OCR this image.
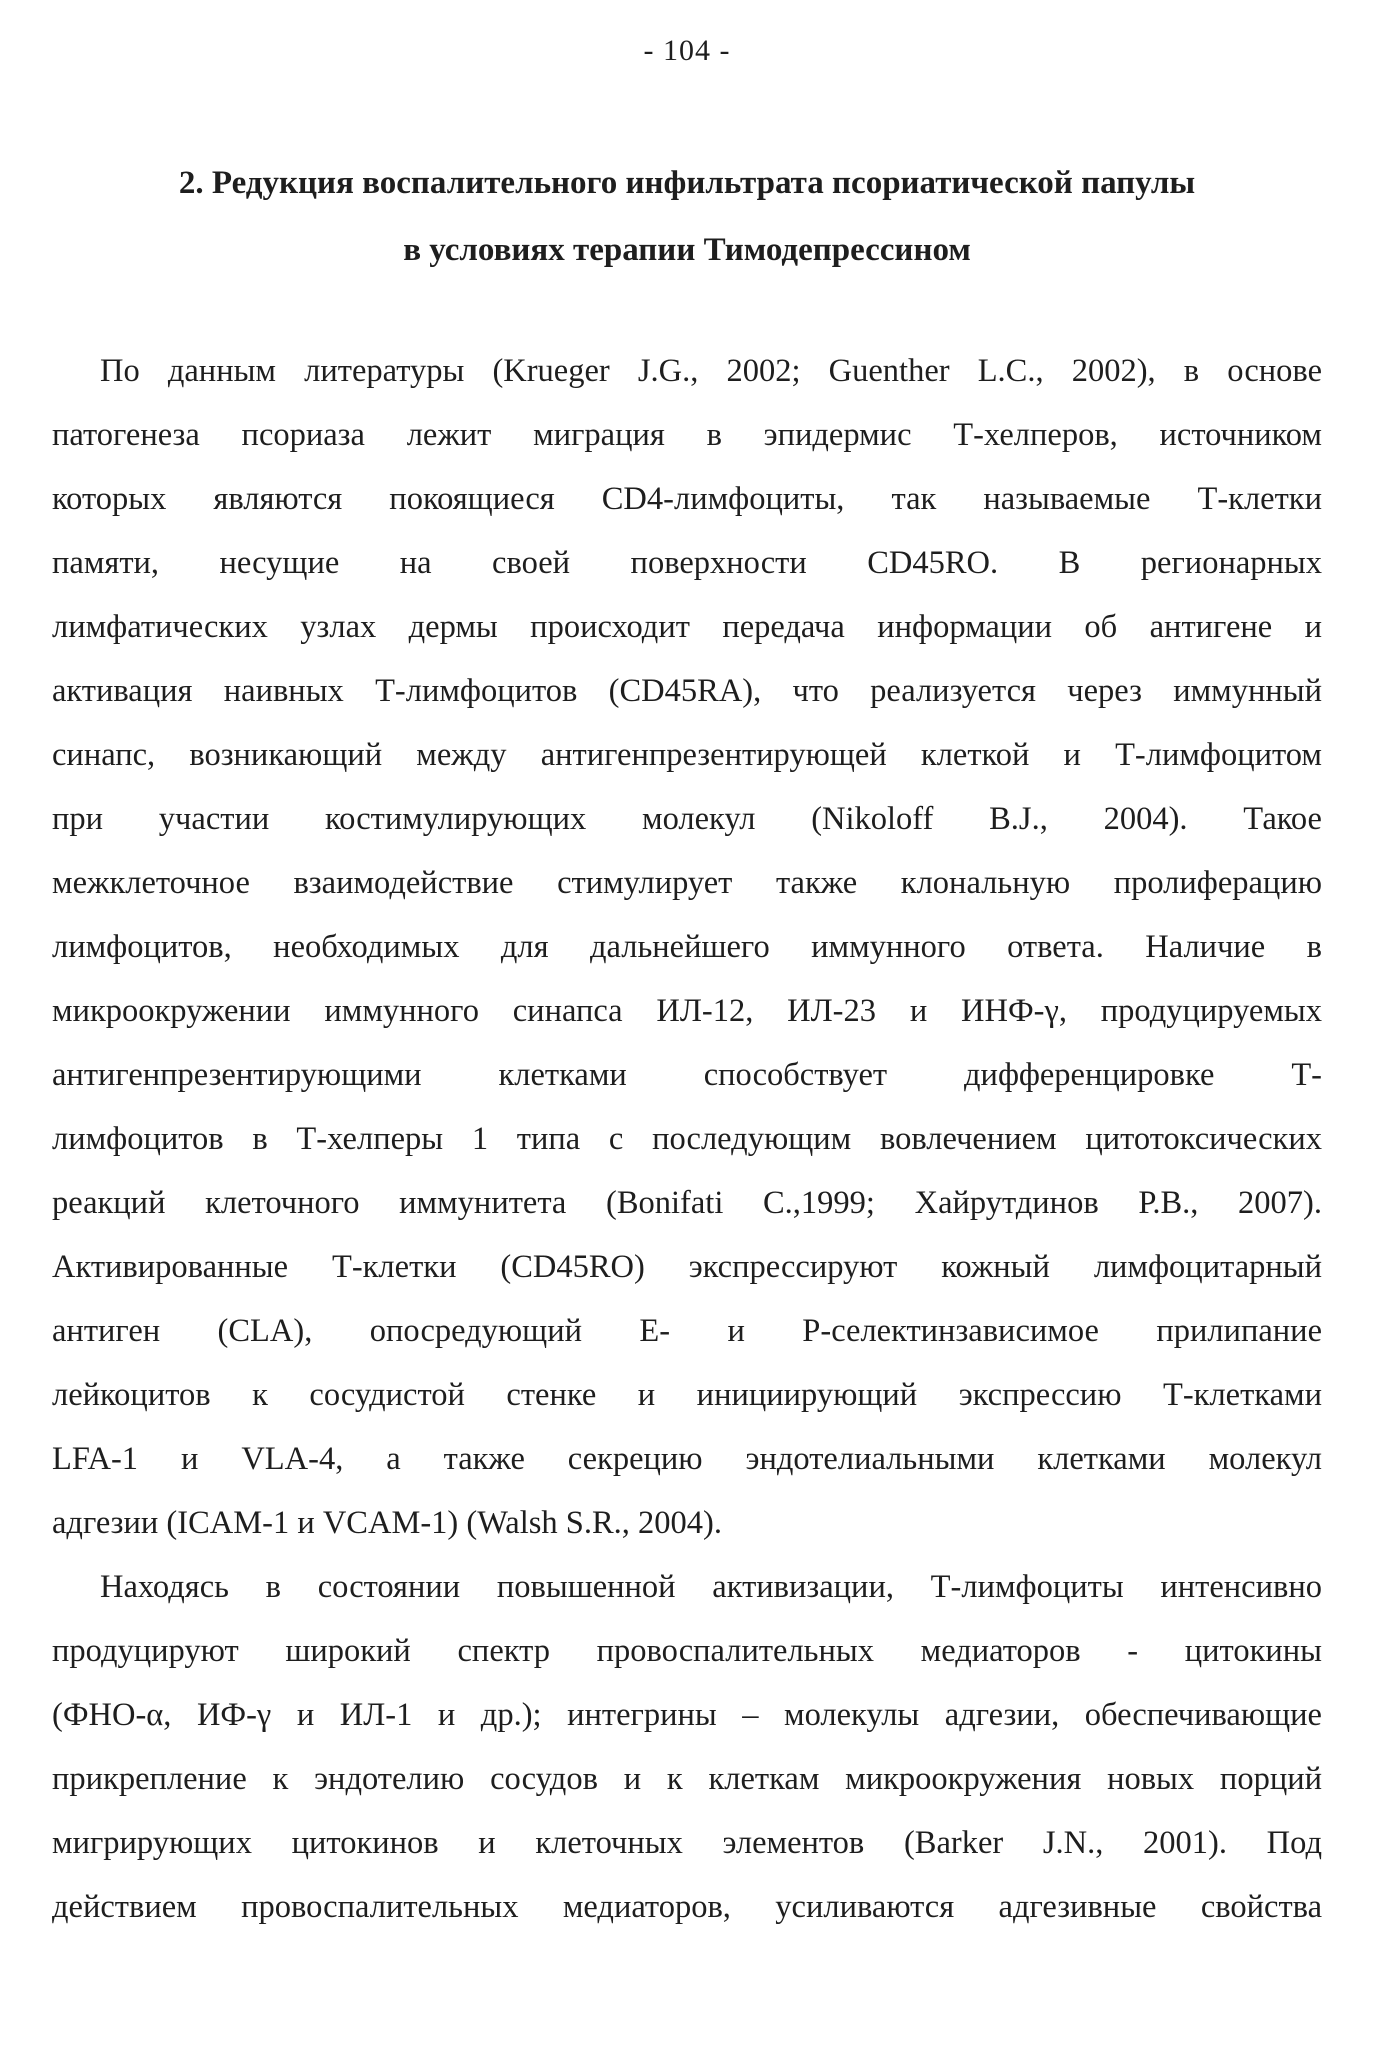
- 104 -
2. Редукция воспалительного инфильтрата псориатической папулы
в условиях терапии Тимодепрессином
По данным литературы (Krueger J.G., 2002; Guenther L.C., 2002), в основе
патогенеза псориаза лежит миграция в эпидермис Т-хелперов, источником
которых являются покоящиеся CD4-лимфоциты, так называемые Т-клетки
памяти, несущие на своей поверхности CD45RO. В регионарных
лимфатических узлах дермы происходит передача информации об антигене и
активация наивных Т-лимфоцитов (CD45RA), что реализуется через иммунный
синапс, возникающий между антигенпрезентирующей клеткой и Т-лимфоцитом
при участии костимулирующих молекул (Nikoloff B.J., 2004). Такое
межклеточное взаимодействие стимулирует также клональную пролиферацию
лимфоцитов, необходимых для дальнейшего иммунного ответа. Наличие в
микроокружении иммунного синапса ИЛ-12, ИЛ-23 и ИНФ-γ, продуцируемых
антигенпрезентирующими клетками способствует дифференцировке Т-
лимфоцитов в Т-хелперы 1 типа с последующим вовлечением цитотоксических
реакций клеточного иммунитета (Bonifati C.,1999; Хайрутдинов Р.В., 2007).
Активированные Т-клетки (CD45RO) экспрессируют кожный лимфоцитарный
антиген (CLA), опосредующий Е- и Р-селектинзависимое прилипание
лейкоцитов к сосудистой стенке и инициирующий экспрессию Т-клетками
LFA-1 и VLA-4, а также секрецию эндотелиальными клетками молекул
адгезии (ICAM-1 и VCAM-1) (Walsh S.R., 2004).
Находясь в состоянии повышенной активизации, Т-лимфоциты интенсивно
продуцируют широкий спектр провоспалительных медиаторов - цитокины
(ФНО-α, ИФ-γ и ИЛ-1 и др.); интегрины – молекулы адгезии, обеспечивающие
прикрепление к эндотелию сосудов и к клеткам микроокружения новых порций
мигрирующих цитокинов и клеточных элементов (Barker J.N., 2001). Под
действием провоспалительных медиаторов, усиливаются адгезивные свойства
